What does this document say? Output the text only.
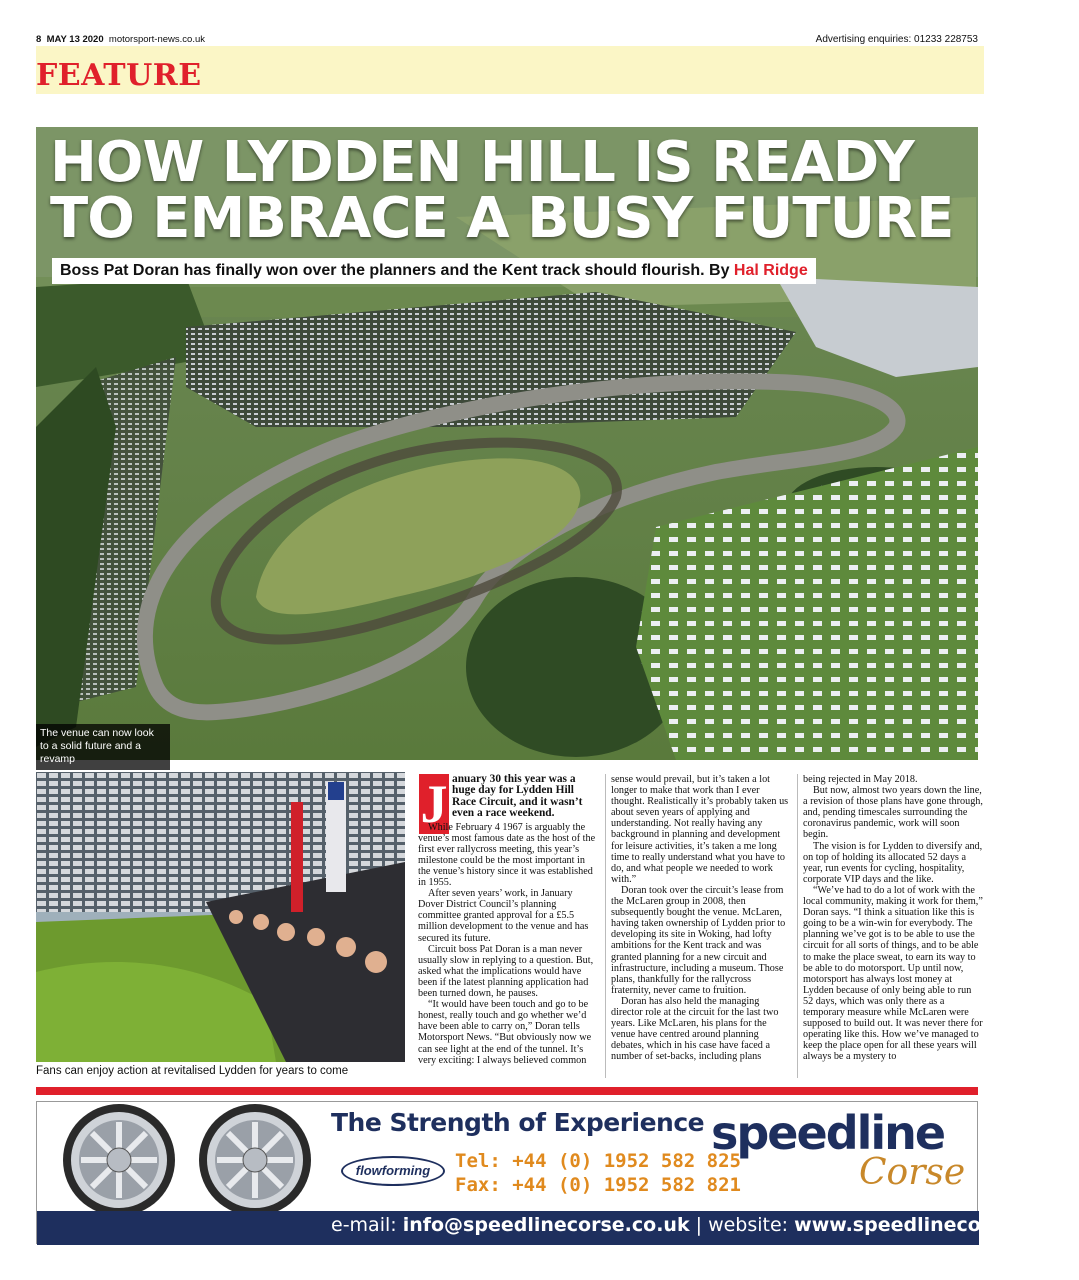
8 MAY 13 2020 motorsport-news.co.uk	Advertising enquiries: 01233 228753
FEATURE
HOW LYDDEN HILL IS READY TO EMBRACE A BUSY FUTURE
Boss Pat Doran has finally won over the planners and the Kent track should flourish. By Hal Ridge
The venue can now look to a solid future and a revamp
Fans can enjoy action at revitalised Lydden for years to come
J anuary 30 this year was a huge day for Lydden Hill Race Circuit, and it wasn’t even a race weekend.

While February 4 1967 is arguably the venue’s most famous date as the host of the first ever rallycross meeting, this year’s milestone could be the most important in the venue’s history since it was established in 1955.

After seven years’ work, in January Dover District Council’s planning committee granted approval for a £5.5 million development to the venue and has secured its future.

Circuit boss Pat Doran is a man never usually slow in replying to a question. But, asked what the implications would have been if the latest planning application had been turned down, he pauses.

“It would have been touch and go to be honest, really touch and go whether we’d have been able to carry on,” Doran tells Motorsport News. “But obviously now we can see light at the end of the tunnel. It’s very exciting: I always believed common

sense would prevail, but it’s taken a lot longer to make that work than I ever thought. Realistically it’s probably taken us about seven years of applying and understanding. Not really having any background in planning and development for leisure activities, it’s taken a me long time to really understand what you have to do, and what people we needed to work with.”

Doran took over the circuit’s lease from the McLaren group in 2008, then subsequently bought the venue. McLaren, having taken ownership of Lydden prior to developing its site in Woking, had lofty ambitions for the Kent track and was granted planning for a new circuit and infrastructure, including a museum. Those plans, thankfully for the rallycross fraternity, never came to fruition.

Doran has also held the managing director role at the circuit for the last two years. Like McLaren, his plans for the venue have centred around planning debates, which in his case have faced a number of set-backs, including plans

being rejected in May 2018.

But now, almost two years down the line, a revision of those plans have gone through, and, pending timescales surrounding the coronavirus pandemic, work will soon begin.

The vision is for Lydden to diversify and, on top of holding its allocated 52 days a year, run events for cycling, hospitality, corporate VIP days and the like.

“We’ve had to do a lot of work with the local community, making it work for them,” Doran says. “I think a situation like this is going to be a win-win for everybody. The planning we’ve got is to be able to use the circuit for all sorts of things, and to be able to make the place sweat, to earn its way to be able to do motorsport. Up until now, motorsport has always lost money at Lydden because of only being able to run 52 days, which was only there as a temporary measure while McLaren were supposed to build out. It was never there for operating like this. How we’ve managed to keep the place open for all these years will always be a mystery to

The Strength of Experience
flowforming	Tel: +44 (0) 1952 582 825
Fax: +44 (0) 1952 582 821
speedline
Corse
e-mail: info@speedlinecorse.co.uk | website: www.speedlinecorse.co.uk
